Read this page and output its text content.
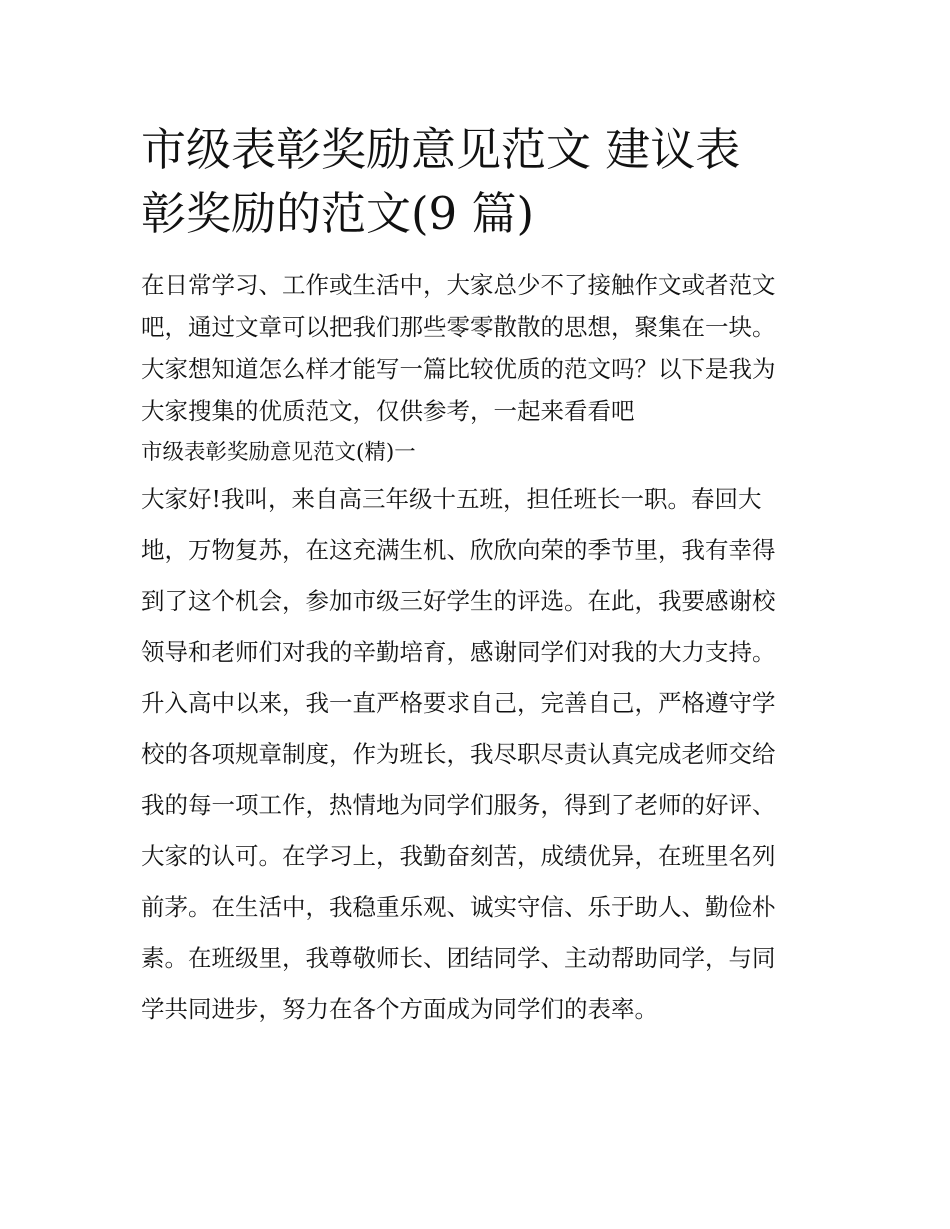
市级表彰奖励意见范文 建议表
彰奖励的范文(9 篇)

在日常学习、工作或生活中，大家总少不了接触作文或者范文
吧，通过文章可以把我们那些零零散散的思想，聚集在一块。
大家想知道怎么样才能写一篇比较优质的范文吗？以下是我为
大家搜集的优质范文，仅供参考，一起来看看吧

市级表彰奖励意见范文(精)一

大家好!我叫，来自高三年级十五班，担任班长一职。春回大
地，万物复苏，在这充满生机、欣欣向荣的季节里，我有幸得
到了这个机会，参加市级三好学生的评选。在此，我要感谢校
领导和老师们对我的辛勤培育，感谢同学们对我的大力支持。
升入高中以来，我一直严格要求自己，完善自己，严格遵守学
校的各项规章制度，作为班长，我尽职尽责认真完成老师交给
我的每一项工作，热情地为同学们服务，得到了老师的好评、
大家的认可。在学习上，我勤奋刻苦，成绩优异，在班里名列
前茅。在生活中，我稳重乐观、诚实守信、乐于助人、勤俭朴
素。在班级里，我尊敬师长、团结同学、主动帮助同学，与同
学共同进步，努力在各个方面成为同学们的表率。
